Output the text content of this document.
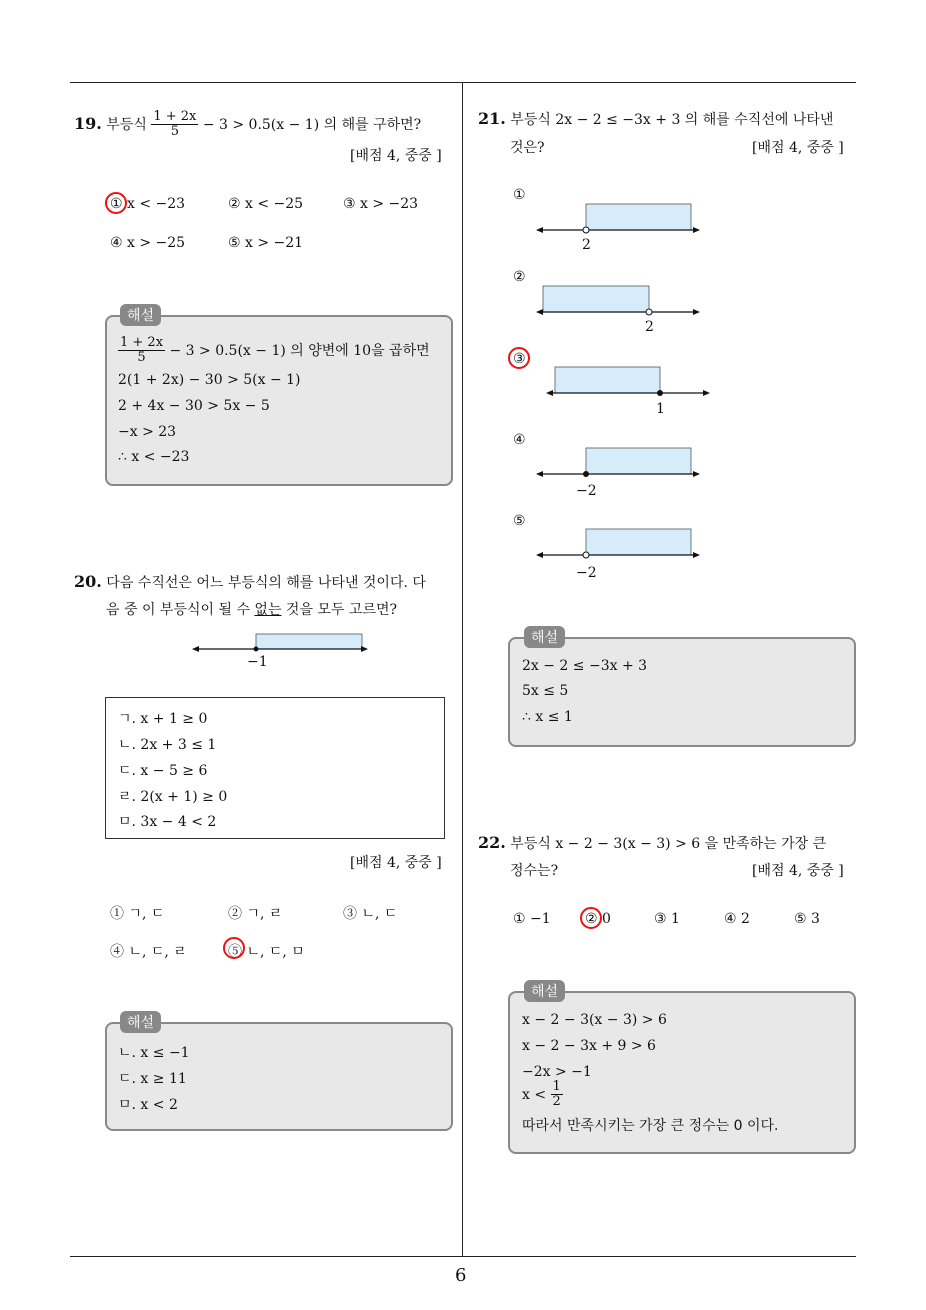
6
19. 부등식 $\frac{1 + 2x}{5} - 3 > 0.5(x - 1)$ 의 해를 구하면?
[배점 4, 중중 ]
① x < −23	② x < −25	③ x > −23
④ x > −25	⑤ x > −21
해설
$\frac{1 + 2x}{5} - 3 > 0.5(x - 1)$ 의 양변에 10을 곱하면
2(1 + 2x) − 30 > 5(x − 1)
2 + 4x − 30 > 5x − 5
−x > 23
∴ x < −23
20. 다음 수직선은 어느 부등식의 해를 나타낸 것이다. 다
음 중 이 부등식이 될 수 없는 것을 모두 고르면?
−1
ㄱ. x + 1 ≥ 0
ㄴ. 2x + 3 ≤ 1
ㄷ. x − 5 ≥ 6
ㄹ. 2(x + 1) ≥ 0
ㅁ. 3x − 4 < 2
[배점 4, 중중 ]
① ㄱ, ㄷ	② ㄱ, ㄹ	③ ㄴ, ㄷ
④ ㄴ, ㄷ, ㄹ	⑤ ㄴ, ㄷ, ㅁ
해설
ㄴ. x ≤ −1
ㄷ. x ≥ 11
ㅁ. x < 2
21. 부등식 2x − 2 ≤ −3x + 3 의 해를 수직선에 나타낸
것은?	[배점 4, 중중 ]
①
2
②
2
③
1
④
−2
⑤
−2
해설
2x − 2 ≤ −3x + 3
5x ≤ 5
∴ x ≤ 1
22. 부등식 x − 2 − 3(x − 3) > 6 을 만족하는 가장 큰
정수는?	[배점 4, 중중 ]
① −1 ② 0	③ 1	④ 2	⑤ 3
해설
x − 2 − 3(x − 3) > 6
x − 2 − 3x + 9 > 6
−2x > −1
$x < \frac{1}{2}$
따라서 만족시키는 가장 큰 정수는 0 이다.
